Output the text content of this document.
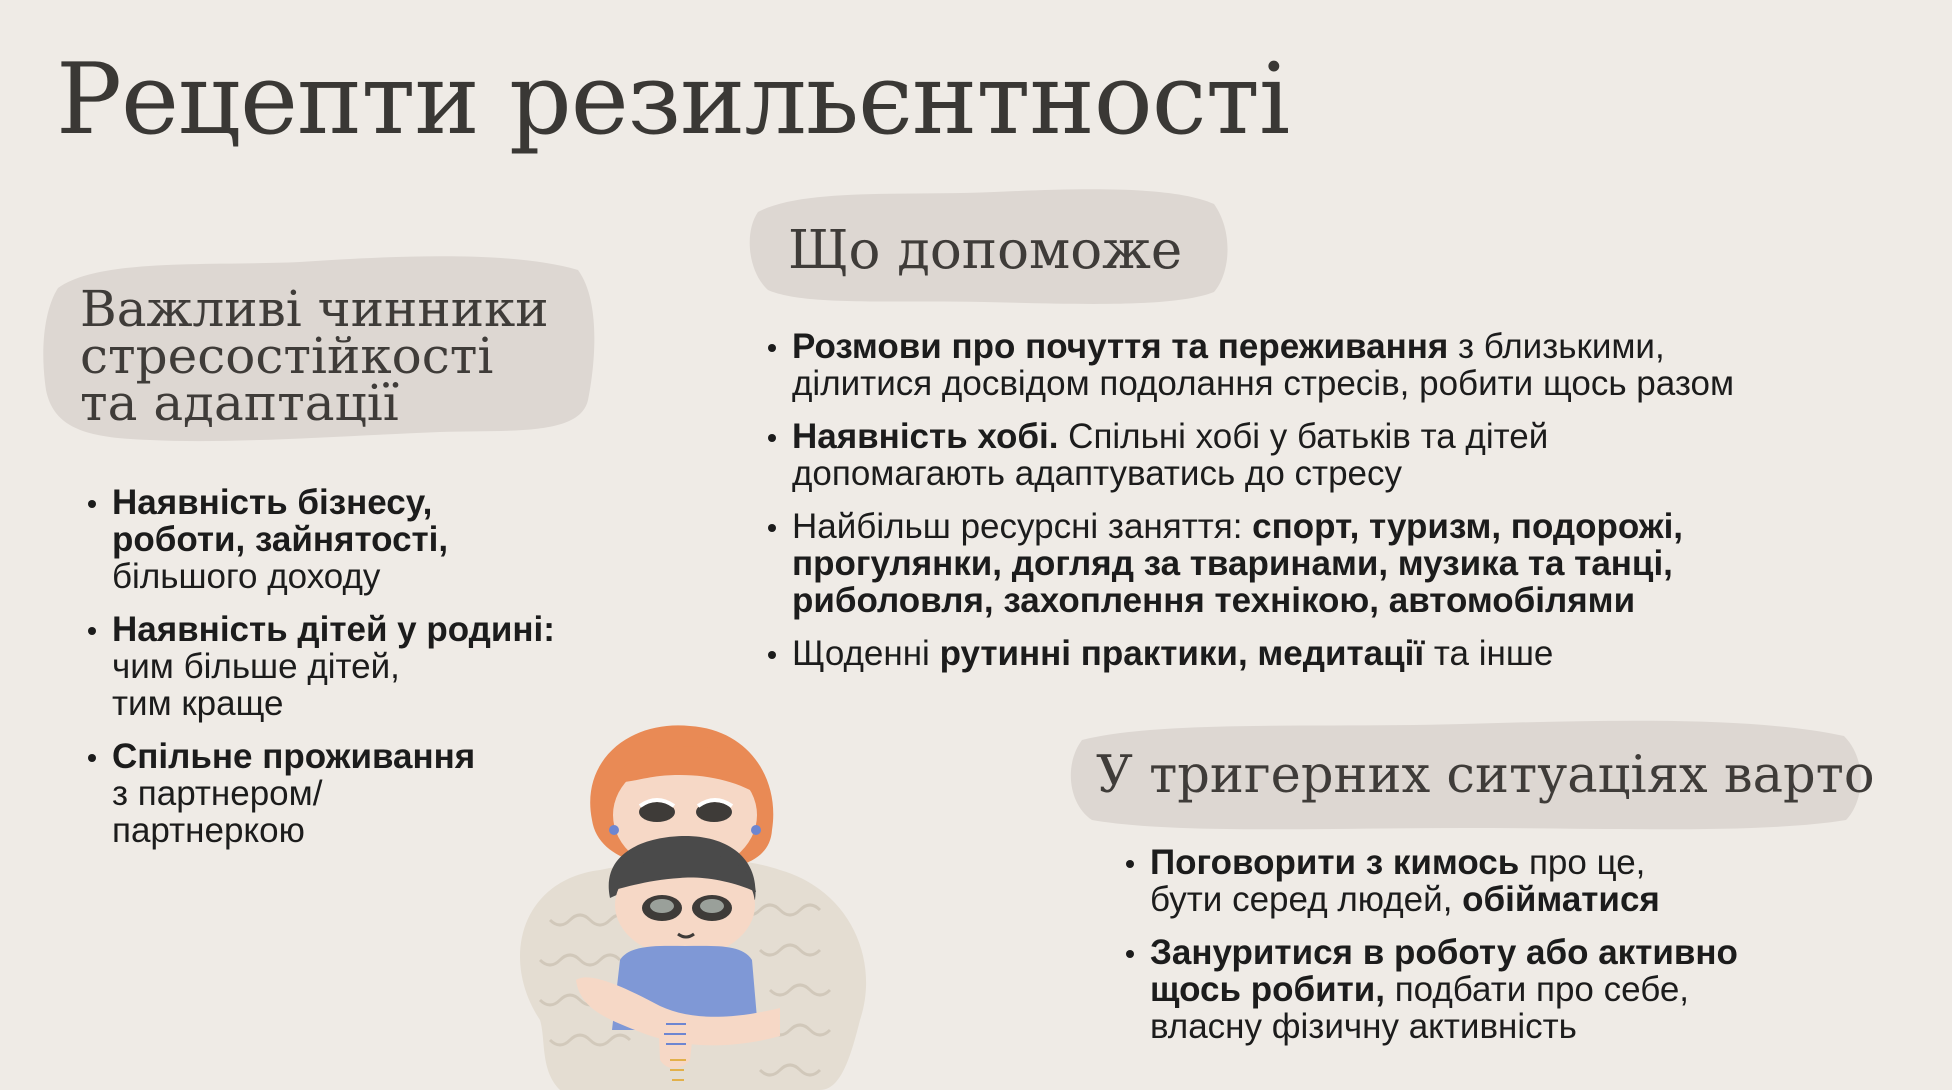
Рецепти резильєнтності
Важливі чинники
стресостійкості
та адаптації
Що допоможе
У тригерних ситуаціях варто
Наявність бізнесу,
роботи, зайнятості,
більшого доходу
Наявність дітей у родині:
чим більше дітей,
тим краще
Спільне проживання
з партнером/
партнеркою
Розмови про почуття та переживання з близькими,
ділитися досвідом подолання стресів, робити щось разом
Наявність хобі. Спільні хобі у батьків та дітей
допомагають адаптуватись до стресу
Найбільш ресурсні заняття: спорт, туризм, подорожі,
прогулянки, догляд за тваринами, музика та танці,
риболовля, захоплення технікою, автомобілями
Щоденні рутинні практики, медитації та інше
Поговорити з кимось про це,
бути серед людей, обійматися
Зануритися в роботу або активно
щось робити, подбати про себе,
власну фізичну активність
